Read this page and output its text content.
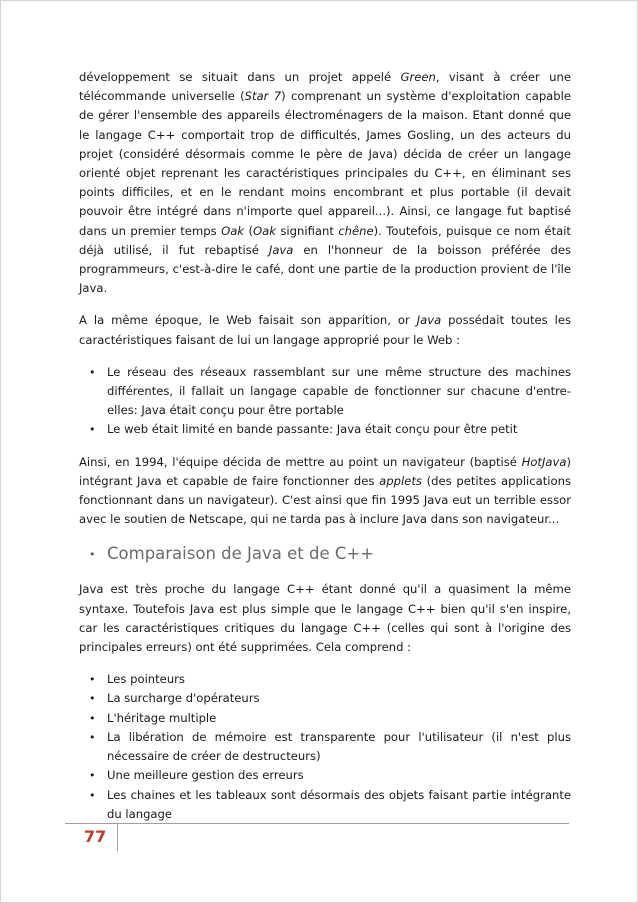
développement se situait dans un projet appelé Green, visant à créer une télécommande universelle (Star 7) comprenant un système d'exploitation capable de gérer l'ensemble des appareils électroménagers de la maison. Etant donné que le langage C++ comportait trop de difficultés, James Gosling, un des acteurs du projet (considéré désormais comme le père de Java) décida de créer un langage orienté objet reprenant les caractéristiques principales du C++, en éliminant ses points difficiles, et en le rendant moins encombrant et plus portable (il devait pouvoir être intégré dans n'importe quel appareil...). Ainsi, ce langage fut baptisé dans un premier temps Oak (Oak signifiant chêne). Toutefois, puisque ce nom était déjà utilisé, il fut rebaptisé Java en l'honneur de la boisson préférée des programmeurs, c'est-à-dire le café, dont une partie de la production provient de l'île Java.

A la même époque, le Web faisait son apparition, or Java possédait toutes les caractéristiques faisant de lui un langage approprié pour le Web :

• Le réseau des réseaux rassemblant sur une même structure des machines différentes, il fallait un langage capable de fonctionner sur chacune d'entre-elles: Java était conçu pour être portable
• Le web était limité en bande passante: Java était conçu pour être petit

Ainsi, en 1994, l'équipe décida de mettre au point un navigateur (baptisé HotJava) intégrant Java et capable de faire fonctionner des applets (des petites applications fonctionnant dans un navigateur). C'est ainsi que fin 1995 Java eut un terrible essor avec le soutien de Netscape, qui ne tarda pas à inclure Java dans son navigateur...

• Comparaison de Java et de C++

Java est très proche du langage C++ étant donné qu'il a quasiment la même syntaxe. Toutefois Java est plus simple que le langage C++ bien qu'il s'en inspire, car les caractéristiques critiques du langage C++ (celles qui sont à l'origine des principales erreurs) ont été supprimées. Cela comprend :

• Les pointeurs
• La surcharge d'opérateurs
• L'héritage multiple
• La libération de mémoire est transparente pour l'utilisateur (il n'est plus nécessaire de créer de destructeurs)
• Une meilleure gestion des erreurs
• Les chaines et les tableaux sont désormais des objets faisant partie intégrante du langage
77
